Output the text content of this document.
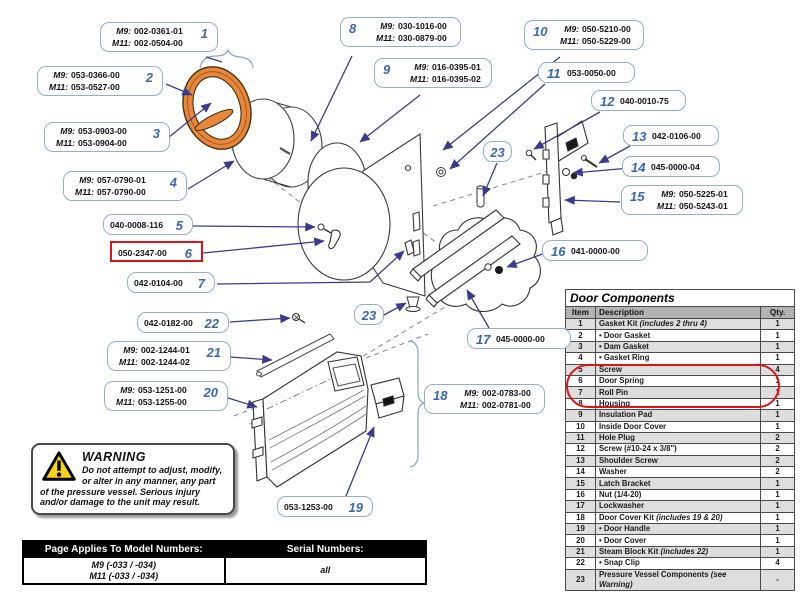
M9: 002-0361-01
M11: 002-0504-00
1
M9: 053-0366-00
M11: 053-0527-00
2
M9: 053-0903-00
M11: 053-0904-00
3
M9: 057-0790-01
M11: 057-0790-00
4
040-0008-116 5
050-2347-00	6
042-0104-00	7
M9: 030-1016-00
M11: 030-0879-00
8
M9: 016-0395-01
M11: 016-0395-02
9
M9: 050-5210-00
M11: 050-5229-00
10
053-0050-00
11
040-0010-75
12
042-0106-00
13
045-0000-04
14
M9: 050-5225-01
M11: 050-5243-01
15
041-0000-00
16
045-0000-00
17
M9: 002-0783-00
M11: 002-0781-00
18
053-1253-00	19
M9: 053-1251-00
M11: 053-1255-00
20
M9: 002-1244-01
M11: 002-1244-02
21
042-0182-00 22
23
23
Door Components		
Item	Description	Qty.
1	Gasket Kit (includes 2 thru 4)	1
2	• Door Gasket	1
3	• Dam Gasket	1
4	• Gasket Ring	1
5	Screw	4
6	Door Spring	1
7	Roll Pin	1
8	Housing	1
9	Insulation Pad	1
10	Inside Door Cover	1
11	Hole Plug	2
12	Screw (#10-24 x 3/8")	2
13	Shoulder Screw	2
14	Washer	2
15	Latch Bracket	1
16	Nut (1/4-20)	1
17	Lockwasher	1
18	Door Cover Kit (includes 19 & 20)	1
19	• Door Handle	1
20	• Door Cover	1
21	Steam Block Kit (includes 22)	1
22	• Snap Clip	4
23	Pressure Vessel Components (see Warning)	-
WARNING

Do not attempt to adjust, modify, or alter in any manner, any part of the pressure vessel. Serious injury and/or damage to the unit may result.

Page Applies To Model Numbers:	Serial Numbers:

M9 (-033 / -034)
M11 (-033 / -034)	all
